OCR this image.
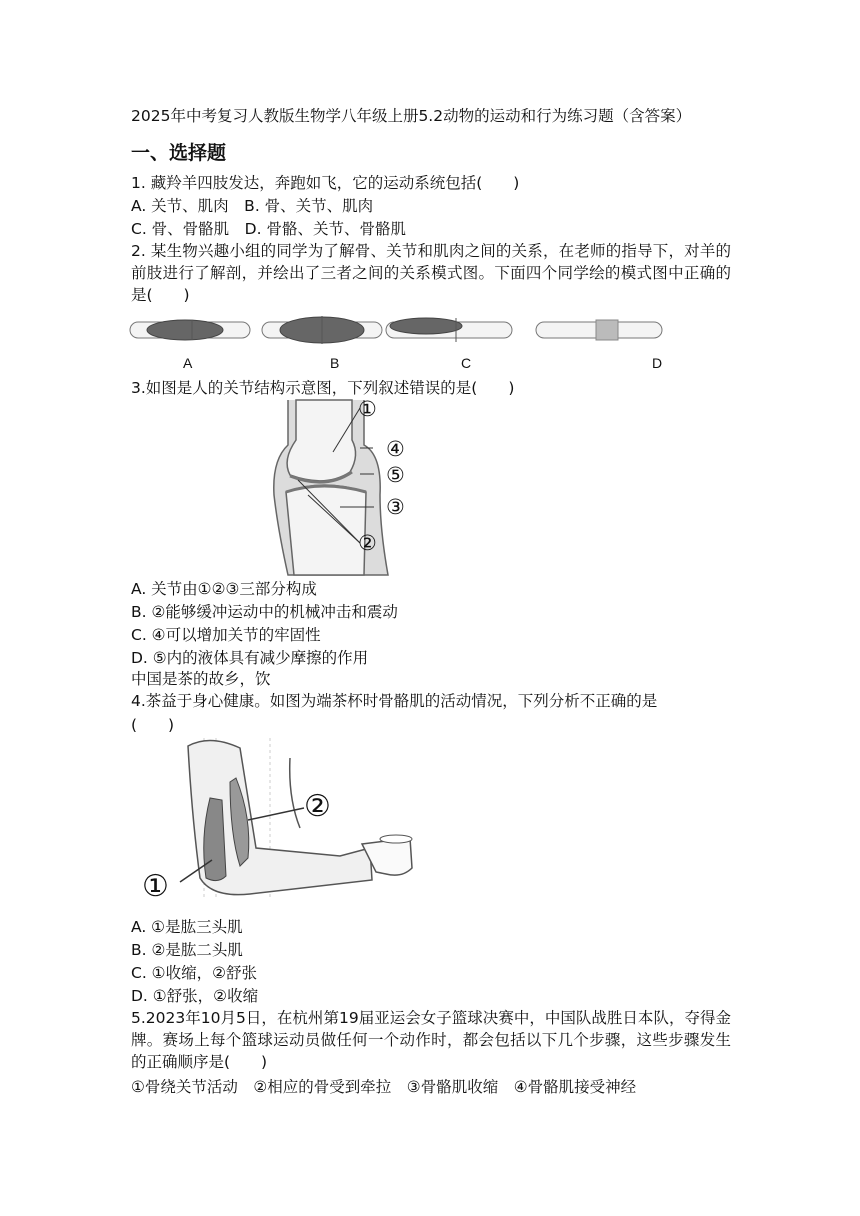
2025年中考复习人教版生物学八年级上册5.2动物的运动和行为练习题（含答案）
一、选择题
1. 藏羚羊四肢发达，奔跑如飞，它的运动系统包括(　　)
A. 关节、肌肉　B. 骨、关节、肌肉
C. 骨、骨骼肌　D. 骨骼、关节、骨骼肌
2. 某生物兴趣小组的同学为了解骨、关节和肌肉之间的关系，在老师的指导下，对羊的前肢进行了解剖，并绘出了三者之间的关系模式图。下面四个同学绘的模式图中正确的是(　　)
A	B	C	D
3.如图是人的关节结构示意图，下列叙述错误的是(　　)
①
④
⑤
③
②
A. 关节由①②③三部分构成
B. ②能够缓冲运动中的机械冲击和震动
C. ④可以增加关节的牢固性
D. ⑤内的液体具有减少摩擦的作用
中国是茶的故乡，饮
4.茶益于身心健康。如图为端茶杯时骨骼肌的活动情况，下列分析不正确的是
(　　)
②
①
A. ①是肱三头肌
B. ②是肱二头肌
C. ①收缩，②舒张
D. ①舒张，②收缩
5.2023年10月5日，在杭州第19届亚运会女子篮球决赛中，中国队战胜日本队，夺得金牌。赛场上每个篮球运动员做任何一个动作时，都会包括以下几个步骤，这些步骤发生的正确顺序是(　　)
①骨绕关节活动　②相应的骨受到牵拉　③骨骼肌收缩　④骨骼肌接受神经
